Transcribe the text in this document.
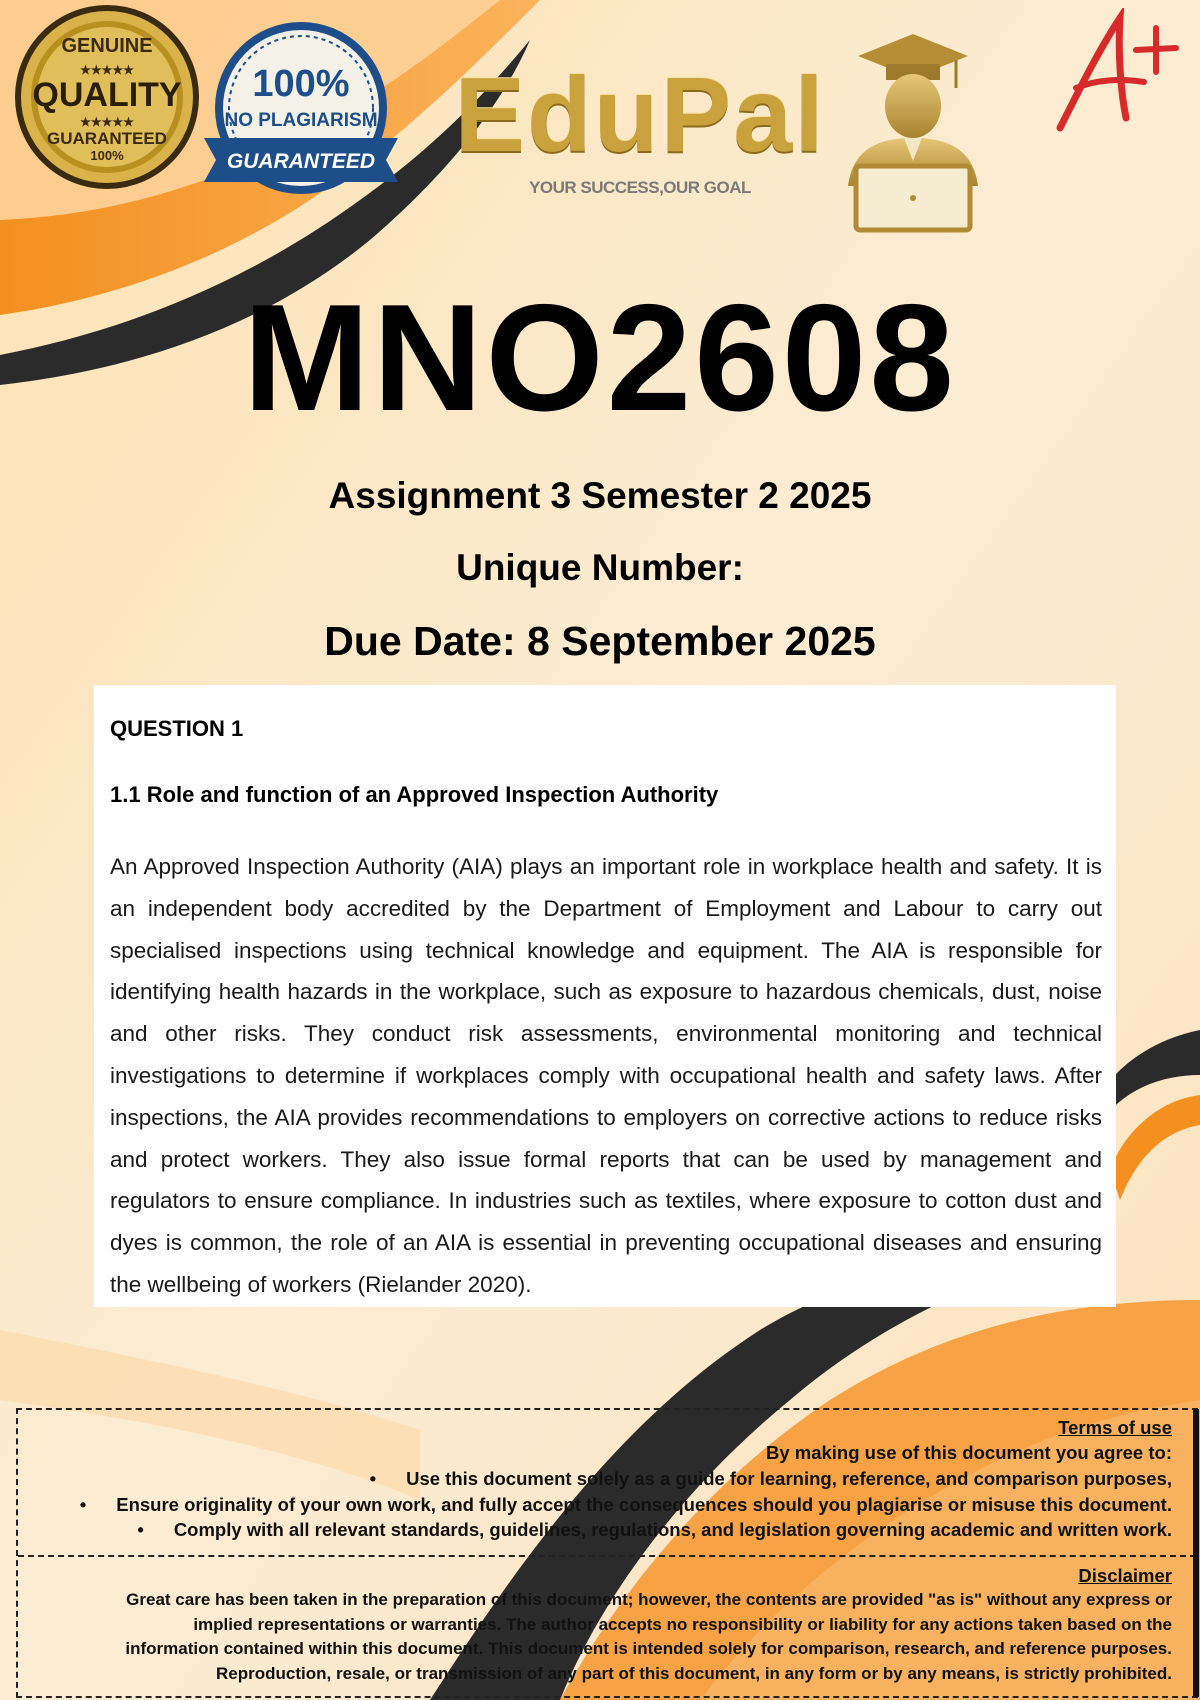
GENUINE
★★★★★
QUALITY
★★★★★
GUARANTEED
100%
100%
NO PLAGIARISM
GUARANTEED EduPal
YOUR SUCCESS,OUR GOAL
MNO2608
Assignment 3 Semester 2 2025
Unique Number:
Due Date: 8 September 2025
QUESTION 1
1.1 Role and function of an Approved Inspection Authority
An Approved Inspection Authority (AIA) plays an important role in workplace health and safety. It is an independent body accredited by the Department of Employment and Labour to carry out specialised inspections using technical knowledge and equipment. The AIA is responsible for identifying health hazards in the workplace, such as exposure to hazardous chemicals, dust, noise and other risks. They conduct risk assessments, environmental monitoring and technical investigations to determine if workplaces comply with occupational health and safety laws. After inspections, the AIA provides recommendations to employers on corrective actions to reduce risks and protect workers. They also issue formal reports that can be used by management and regulators to ensure compliance. In industries such as textiles, where exposure to cotton dust and dyes is common, the role of an AIA is essential in preventing occupational diseases and ensuring the wellbeing of workers (Rielander 2020).
Terms of use
By making use of this document you agree to:
• Use this document solely as a guide for learning, reference, and comparison purposes,
• Ensure originality of your own work, and fully accept the consequences should you plagiarise or misuse this document.
• Comply with all relevant standards, guidelines, regulations, and legislation governing academic and written work.
Disclaimer
Great care has been taken in the preparation of this document; however, the contents are provided "as is" without any express or
implied representations or warranties. The author accepts no responsibility or liability for any actions taken based on the
information contained within this document. This document is intended solely for comparison, research, and reference purposes.
Reproduction, resale, or transmission of any part of this document, in any form or by any means, is strictly prohibited.
